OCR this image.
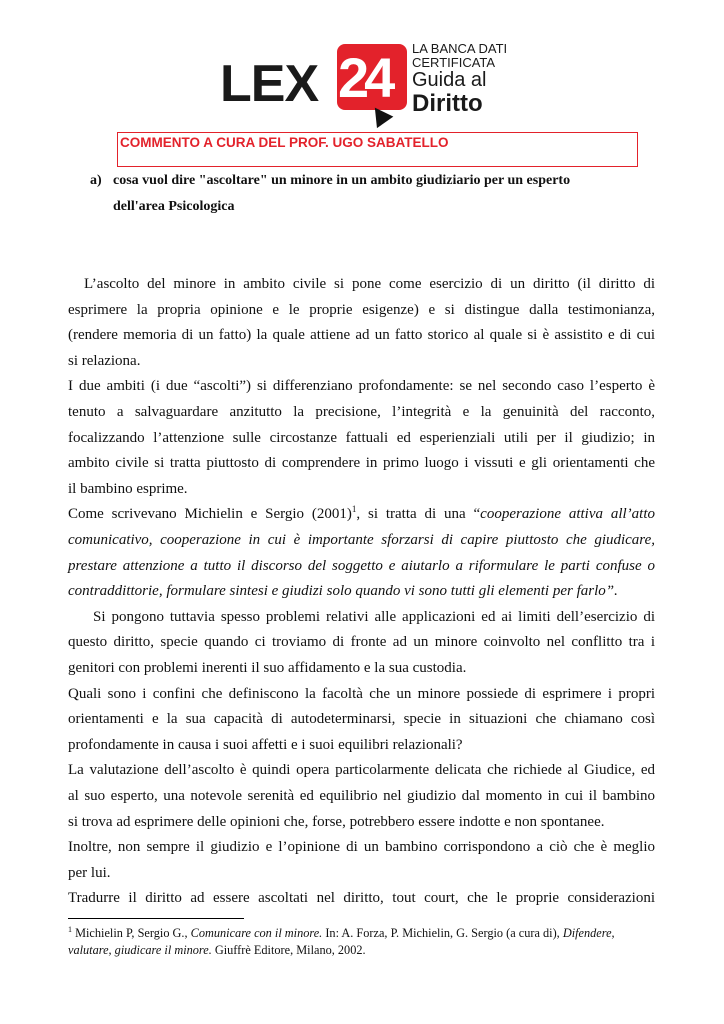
LEX 24 LA BANCA DATI
CERTIFICATA
Guida al
Diritto
COMMENTO A CURA DEL PROF. UGO SABATELLO
a) cosa vuol dire "ascoltare" un minore in un ambito giudiziario per un esperto
dell'area Psicologica
L’ascolto del minore in ambito civile si pone come esercizio di un diritto (il diritto di
esprimere la propria opinione e le proprie esigenze) e si distingue dalla testimonianza,
(rendere memoria di un fatto) la quale attiene ad un fatto storico al quale si è assistito e di cui
si relaziona.
I due ambiti (i due “ascolti”) si differenziano profondamente: se nel secondo caso l’esperto è
tenuto a salvaguardare anzitutto la precisione, l’integrità e la genuinità del racconto,
focalizzando l’attenzione sulle circostanze fattuali ed esperienziali utili per il giudizio; in
ambito civile si tratta piuttosto di comprendere in primo luogo i vissuti e gli orientamenti che
il bambino esprime.
Come scrivevano Michielin e Sergio $(2001)^1$, si tratta di una “cooperazione attiva all’atto
comunicativo, cooperazione in cui è importante sforzarsi di capire piuttosto che giudicare,
prestare attenzione a tutto il discorso del soggetto e aiutarlo a riformulare le parti confuse o
contraddittorie, formulare sintesi e giudizi solo quando vi sono tutti gli elementi per farlo”.
Si pongono tuttavia spesso problemi relativi alle applicazioni ed ai limiti dell’esercizio di
questo diritto, specie quando ci troviamo di fronte ad un minore coinvolto nel conflitto tra i
genitori con problemi inerenti il suo affidamento e la sua custodia.
Quali sono i confini che definiscono la facoltà che un minore possiede di esprimere i propri
orientamenti e la sua capacità di autodeterminarsi, specie in situazioni che chiamano così
profondamente in causa i suoi affetti e i suoi equilibri relazionali?
La valutazione dell’ascolto è quindi opera particolarmente delicata che richiede al Giudice, ed
al suo esperto, una notevole serenità ed equilibrio nel giudizio dal momento in cui il bambino
si trova ad esprimere delle opinioni che, forse, potrebbero essere indotte e non spontanee.
Inoltre, non sempre il giudizio e l’opinione di un bambino corrispondono a ciò che è meglio
per lui.
Tradurre il diritto ad essere ascoltati nel diritto, tout court, che le proprie considerazioni
$^1$ Michielin P, Sergio G., Comunicare con il minore. In: A. Forza, P. Michielin, G. Sergio (a cura di), Difendere,
valutare, giudicare il minore. Giuffrè Editore, Milano, 2002.
